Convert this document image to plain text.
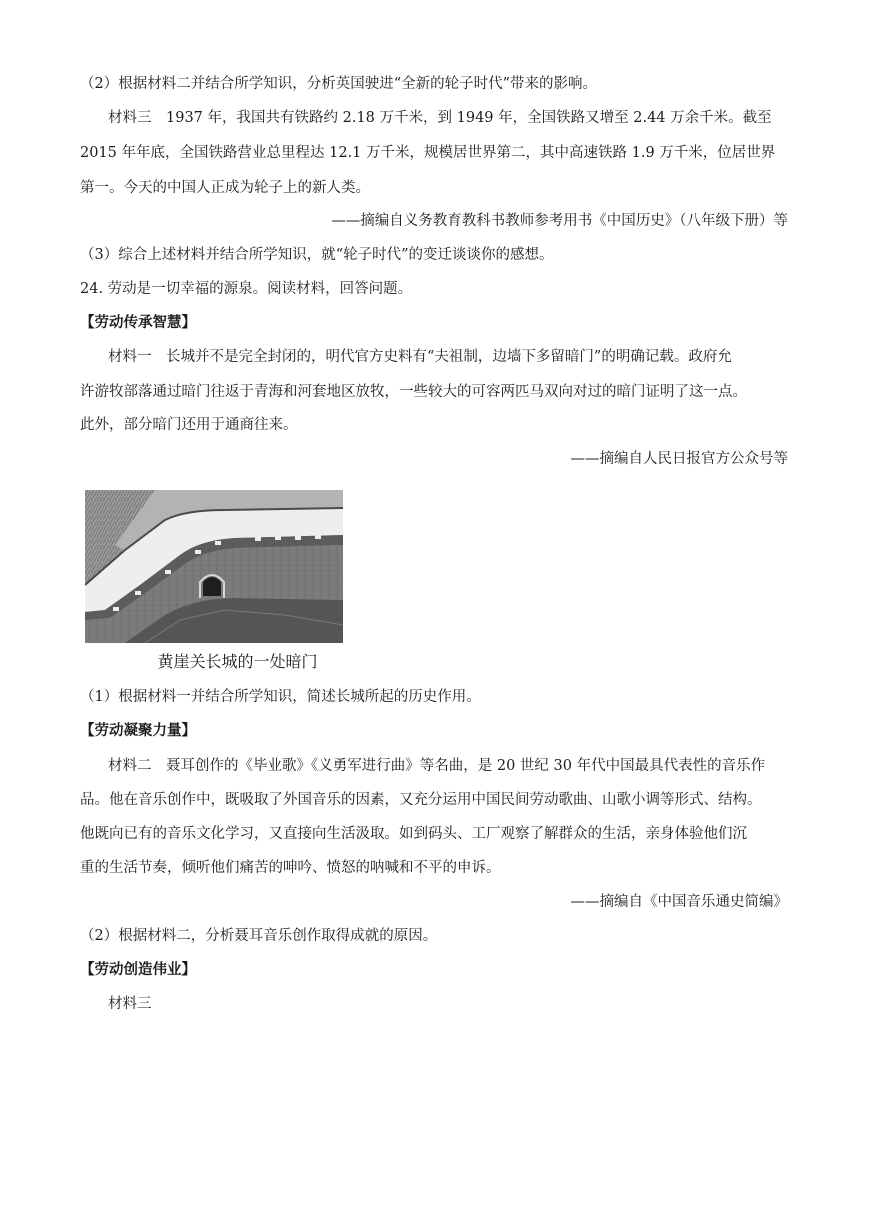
（2）根据材料二并结合所学知识，分析英国驶进“全新的轮子时代”带来的影响。
材料三　1937 年，我国共有铁路约 2.18 万千米，到 1949 年，全国铁路又增至 2.44 万余千米。截至
2015 年年底，全国铁路营业总里程达 12.1 万千米，规模居世界第二，其中高速铁路 1.9 万千米，位居世界
第一。今天的中国人正成为轮子上的新人类。
——摘编自义务教育教科书教师参考用书《中国历史》（八年级下册）等
（3）综合上述材料并结合所学知识，就“轮子时代”的变迁谈谈你的感想。
24. 劳动是一切幸福的源泉。阅读材料，回答问题。
【劳动传承智慧】
材料一　长城并不是完全封闭的，明代官方史料有“夫祖制，边墙下多留暗门”的明确记载。政府允
许游牧部落通过暗门往返于青海和河套地区放牧，一些较大的可容两匹马双向对过的暗门证明了这一点。
此外，部分暗门还用于通商往来。
——摘编自人民日报官方公众号等
黄崖关长城的一处暗门
（1）根据材料一并结合所学知识，简述长城所起的历史作用。
【劳动凝聚力量】
材料二　聂耳创作的《毕业歌》《义勇军进行曲》等名曲，是 20 世纪 30 年代中国最具代表性的音乐作
品。他在音乐创作中，既吸取了外国音乐的因素，又充分运用中国民间劳动歌曲、山歌小调等形式、结构。
他既向已有的音乐文化学习，又直接向生活汲取。如到码头、工厂观察了解群众的生活，亲身体验他们沉
重的生活节奏，倾听他们痛苦的呻吟、愤怒的呐喊和不平的申诉。
——摘编自《中国音乐通史简编》
（2）根据材料二，分析聂耳音乐创作取得成就的原因。
【劳动创造伟业】
材料三
